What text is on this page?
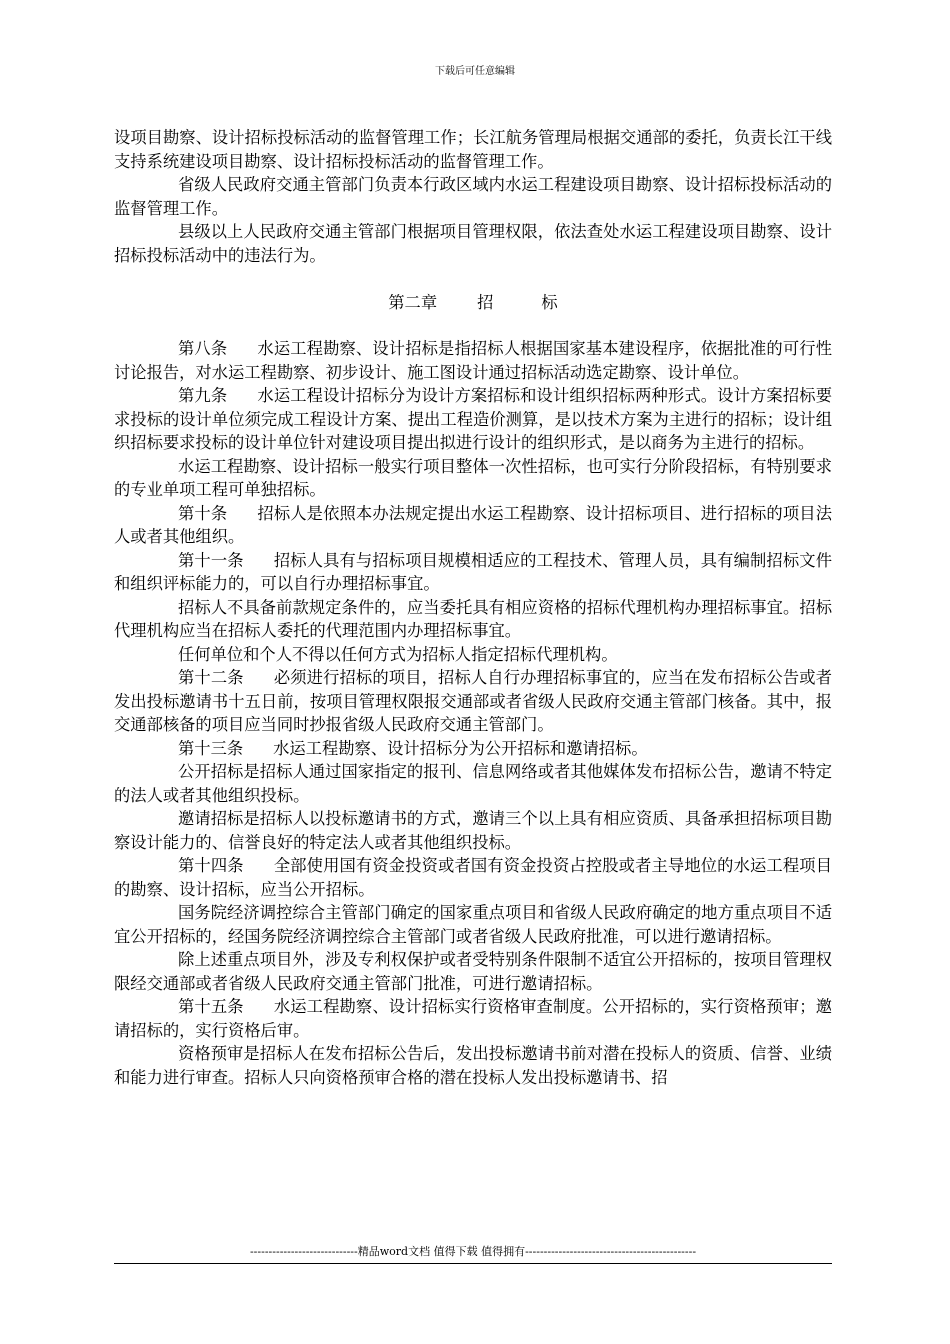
下载后可任意编辑

设项目勘察、设计招标投标活动的监督管理工作；长江航务管理局根据交通部的委托，负责长江干线支持系统建设项目勘察、设计招标投标活动的监督管理工作。

省级人民政府交通主管部门负责本行政区域内水运工程建设项目勘察、设计招标投标活动的监督管理工作。

县级以上人民政府交通主管部门根据项目管理权限，依法查处水运工程建设项目勘察、设计招标投标活动中的违法行为。

第二章 招	标

第八条 水运工程勘察、设计招标是指招标人根据国家基本建设程序，依据批准的可行性讨论报告，对水运工程勘察、初步设计、施工图设计通过招标活动选定勘察、设计单位。

第九条 水运工程设计招标分为设计方案招标和设计组织招标两种形式。设计方案招标要求投标的设计单位须完成工程设计方案、提出工程造价测算，是以技术方案为主进行的招标；设计组织招标要求投标的设计单位针对建设项目提出拟进行设计的组织形式，是以商务为主进行的招标。

水运工程勘察、设计招标一般实行项目整体一次性招标，也可实行分阶段招标，有特别要求的专业单项工程可单独招标。

第十条 招标人是依照本办法规定提出水运工程勘察、设计招标项目、进行招标的项目法人或者其他组织。

第十一条 招标人具有与招标项目规模相适应的工程技术、管理人员，具有编制招标文件和组织评标能力的，可以自行办理招标事宜。

招标人不具备前款规定条件的，应当委托具有相应资格的招标代理机构办理招标事宜。招标代理机构应当在招标人委托的代理范围内办理招标事宜。

任何单位和个人不得以任何方式为招标人指定招标代理机构。

第十二条 必须进行招标的项目，招标人自行办理招标事宜的，应当在发布招标公告或者发出投标邀请书十五日前，按项目管理权限报交通部或者省级人民政府交通主管部门核备。其中，报交通部核备的项目应当同时抄报省级人民政府交通主管部门。

第十三条 水运工程勘察、设计招标分为公开招标和邀请招标。

公开招标是招标人通过国家指定的报刊、信息网络或者其他媒体发布招标公告，邀请不特定的法人或者其他组织投标。

邀请招标是招标人以投标邀请书的方式，邀请三个以上具有相应资质、具备承担招标项目勘察设计能力的、信誉良好的特定法人或者其他组织投标。

第十四条 全部使用国有资金投资或者国有资金投资占控股或者主导地位的水运工程项目的勘察、设计招标，应当公开招标。

国务院经济调控综合主管部门确定的国家重点项目和省级人民政府确定的地方重点项目不适宜公开招标的，经国务院经济调控综合主管部门或者省级人民政府批准，可以进行邀请招标。

除上述重点项目外，涉及专利权保护或者受特别条件限制不适宜公开招标的，按项目管理权限经交通部或者省级人民政府交通主管部门批准，可进行邀请招标。

第十五条 水运工程勘察、设计招标实行资格审查制度。公开招标的，实行资格预审；邀请招标的，实行资格后审。

资格预审是招标人在发布招标公告后，发出投标邀请书前对潜在投标人的资质、信誉、业绩和能力进行审查。招标人只向资格预审合格的潜在投标人发出投标邀请书、招

-----------------------------精品word文档 值得下载 值得拥有----------------------------------------------
